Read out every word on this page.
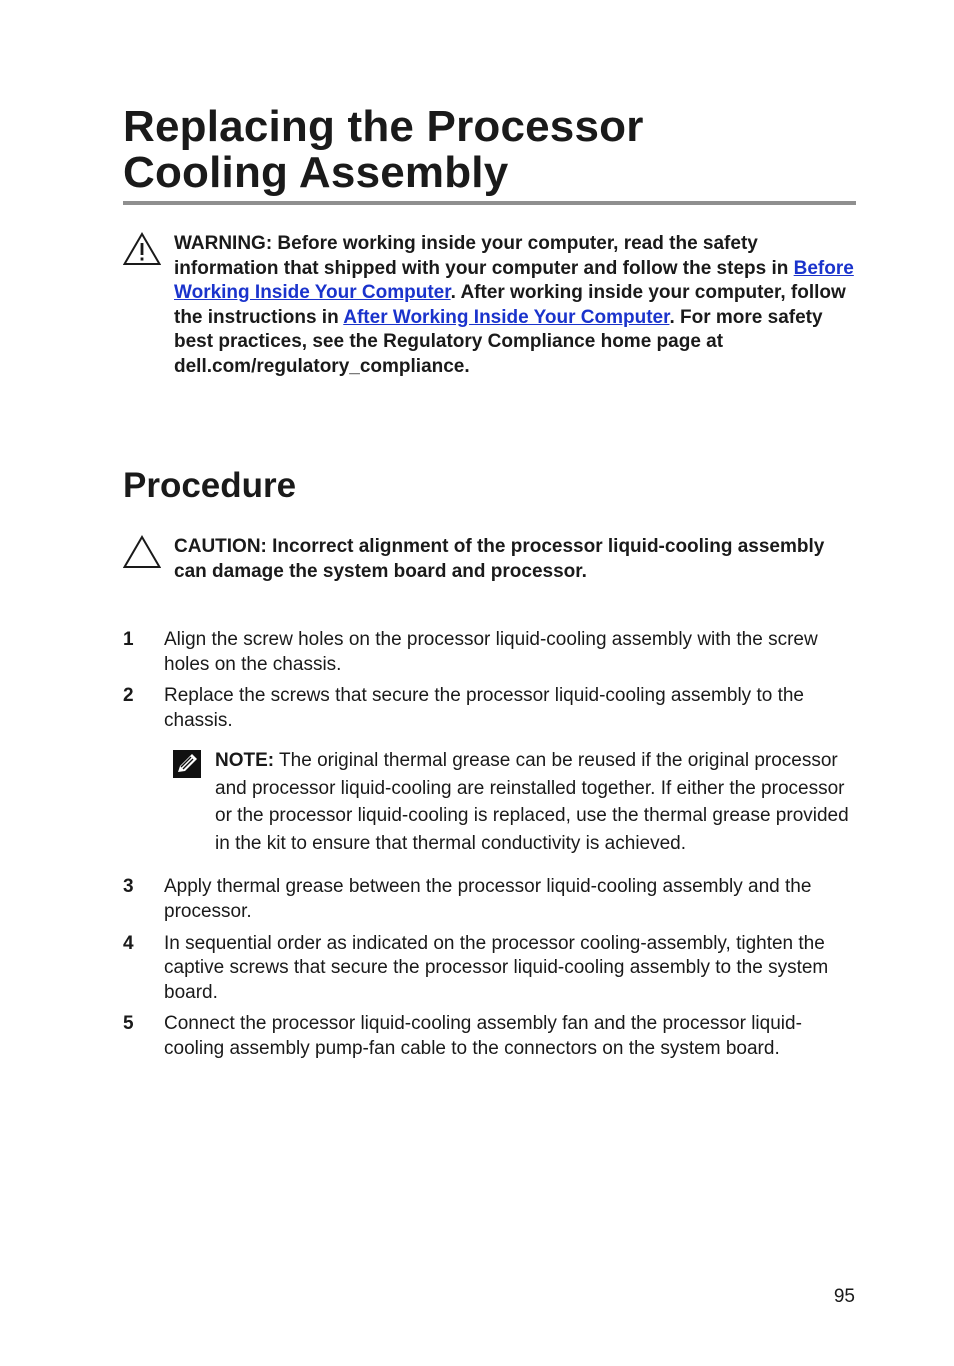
Replacing the Processor
Cooling Assembly
WARNING: Before working inside your computer, read the safety information that shipped with your computer and follow the steps in Before Working Inside Your Computer. After working inside your computer, follow the instructions in After Working Inside Your Computer. For more safety best practices, see the Regulatory Compliance home page at dell.com/regulatory_compliance.
Procedure
CAUTION: Incorrect alignment of the processor liquid-cooling assembly can damage the system board and processor.
1	Align the screw holes on the processor liquid-cooling assembly with the screw holes on the chassis.
2	Replace the screws that secure the processor liquid-cooling assembly to the chassis.
NOTE: The original thermal grease can be reused if the original processor and processor liquid-cooling are reinstalled together. If either the processor or the processor liquid-cooling is replaced, use the thermal grease provided in the kit to ensure that thermal conductivity is achieved.
3	Apply thermal grease between the processor liquid-cooling assembly and the processor.
4	In sequential order as indicated on the processor cooling-assembly, tighten the captive screws that secure the processor liquid-cooling assembly to the system board.
5	Connect the processor liquid-cooling assembly fan and the processor liquid-cooling assembly pump-fan cable to the connectors on the system board.
95
